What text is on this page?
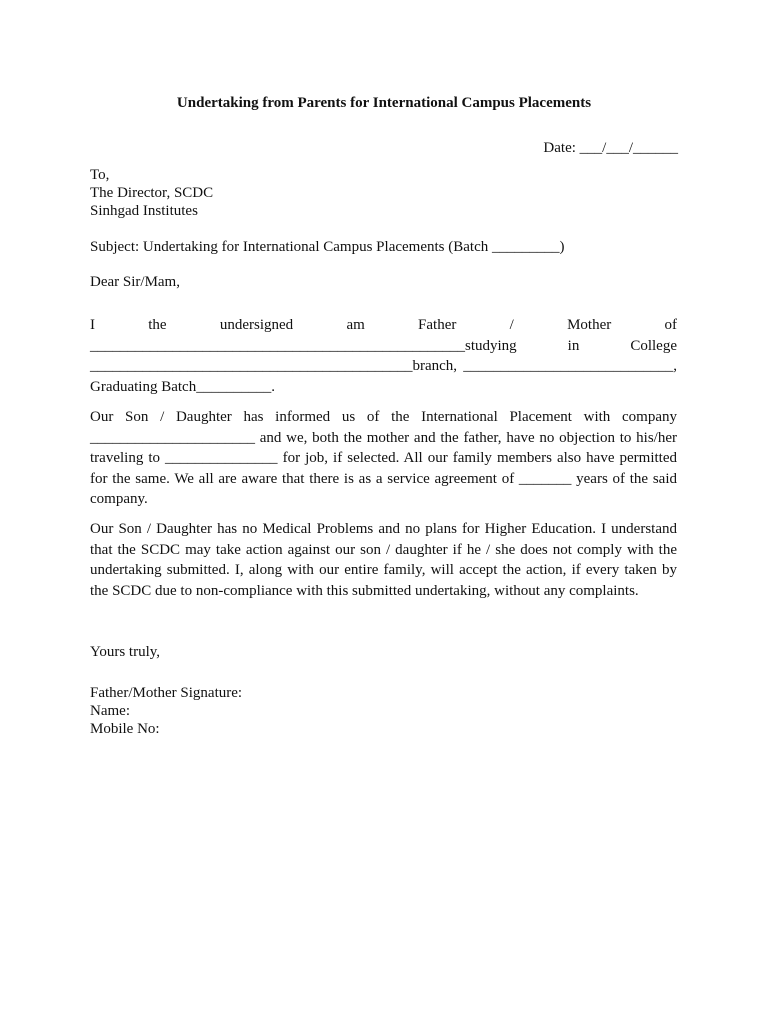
Undertaking from Parents for International Campus Placements
Date: ___/___/______
To,
The Director, SCDC
Sinhgad Institutes
Subject: Undertaking for International Campus Placements (Batch _________)
Dear Sir/Mam,
I the undersigned am Father / Mother of
__________________________________________________studying in College
___________________________________________branch, ____________________________,
Graduating Batch__________.
Our Son / Daughter has informed us of the International Placement with company ______________________ and we, both the mother and the father, have no objection to his/her traveling to _______________ for job, if selected. All our family members also have permitted for the same. We all are aware that there is as a service agreement of _______ years of the said company.
Our Son / Daughter has no Medical Problems and no plans for Higher Education. I understand that the SCDC may take action against our son / daughter if he / she does not comply with the undertaking submitted. I, along with our entire family, will accept the action, if every taken by the SCDC due to non-compliance with this submitted undertaking, without any complaints.
Yours truly,
Father/Mother Signature:
Name:
Mobile No:
